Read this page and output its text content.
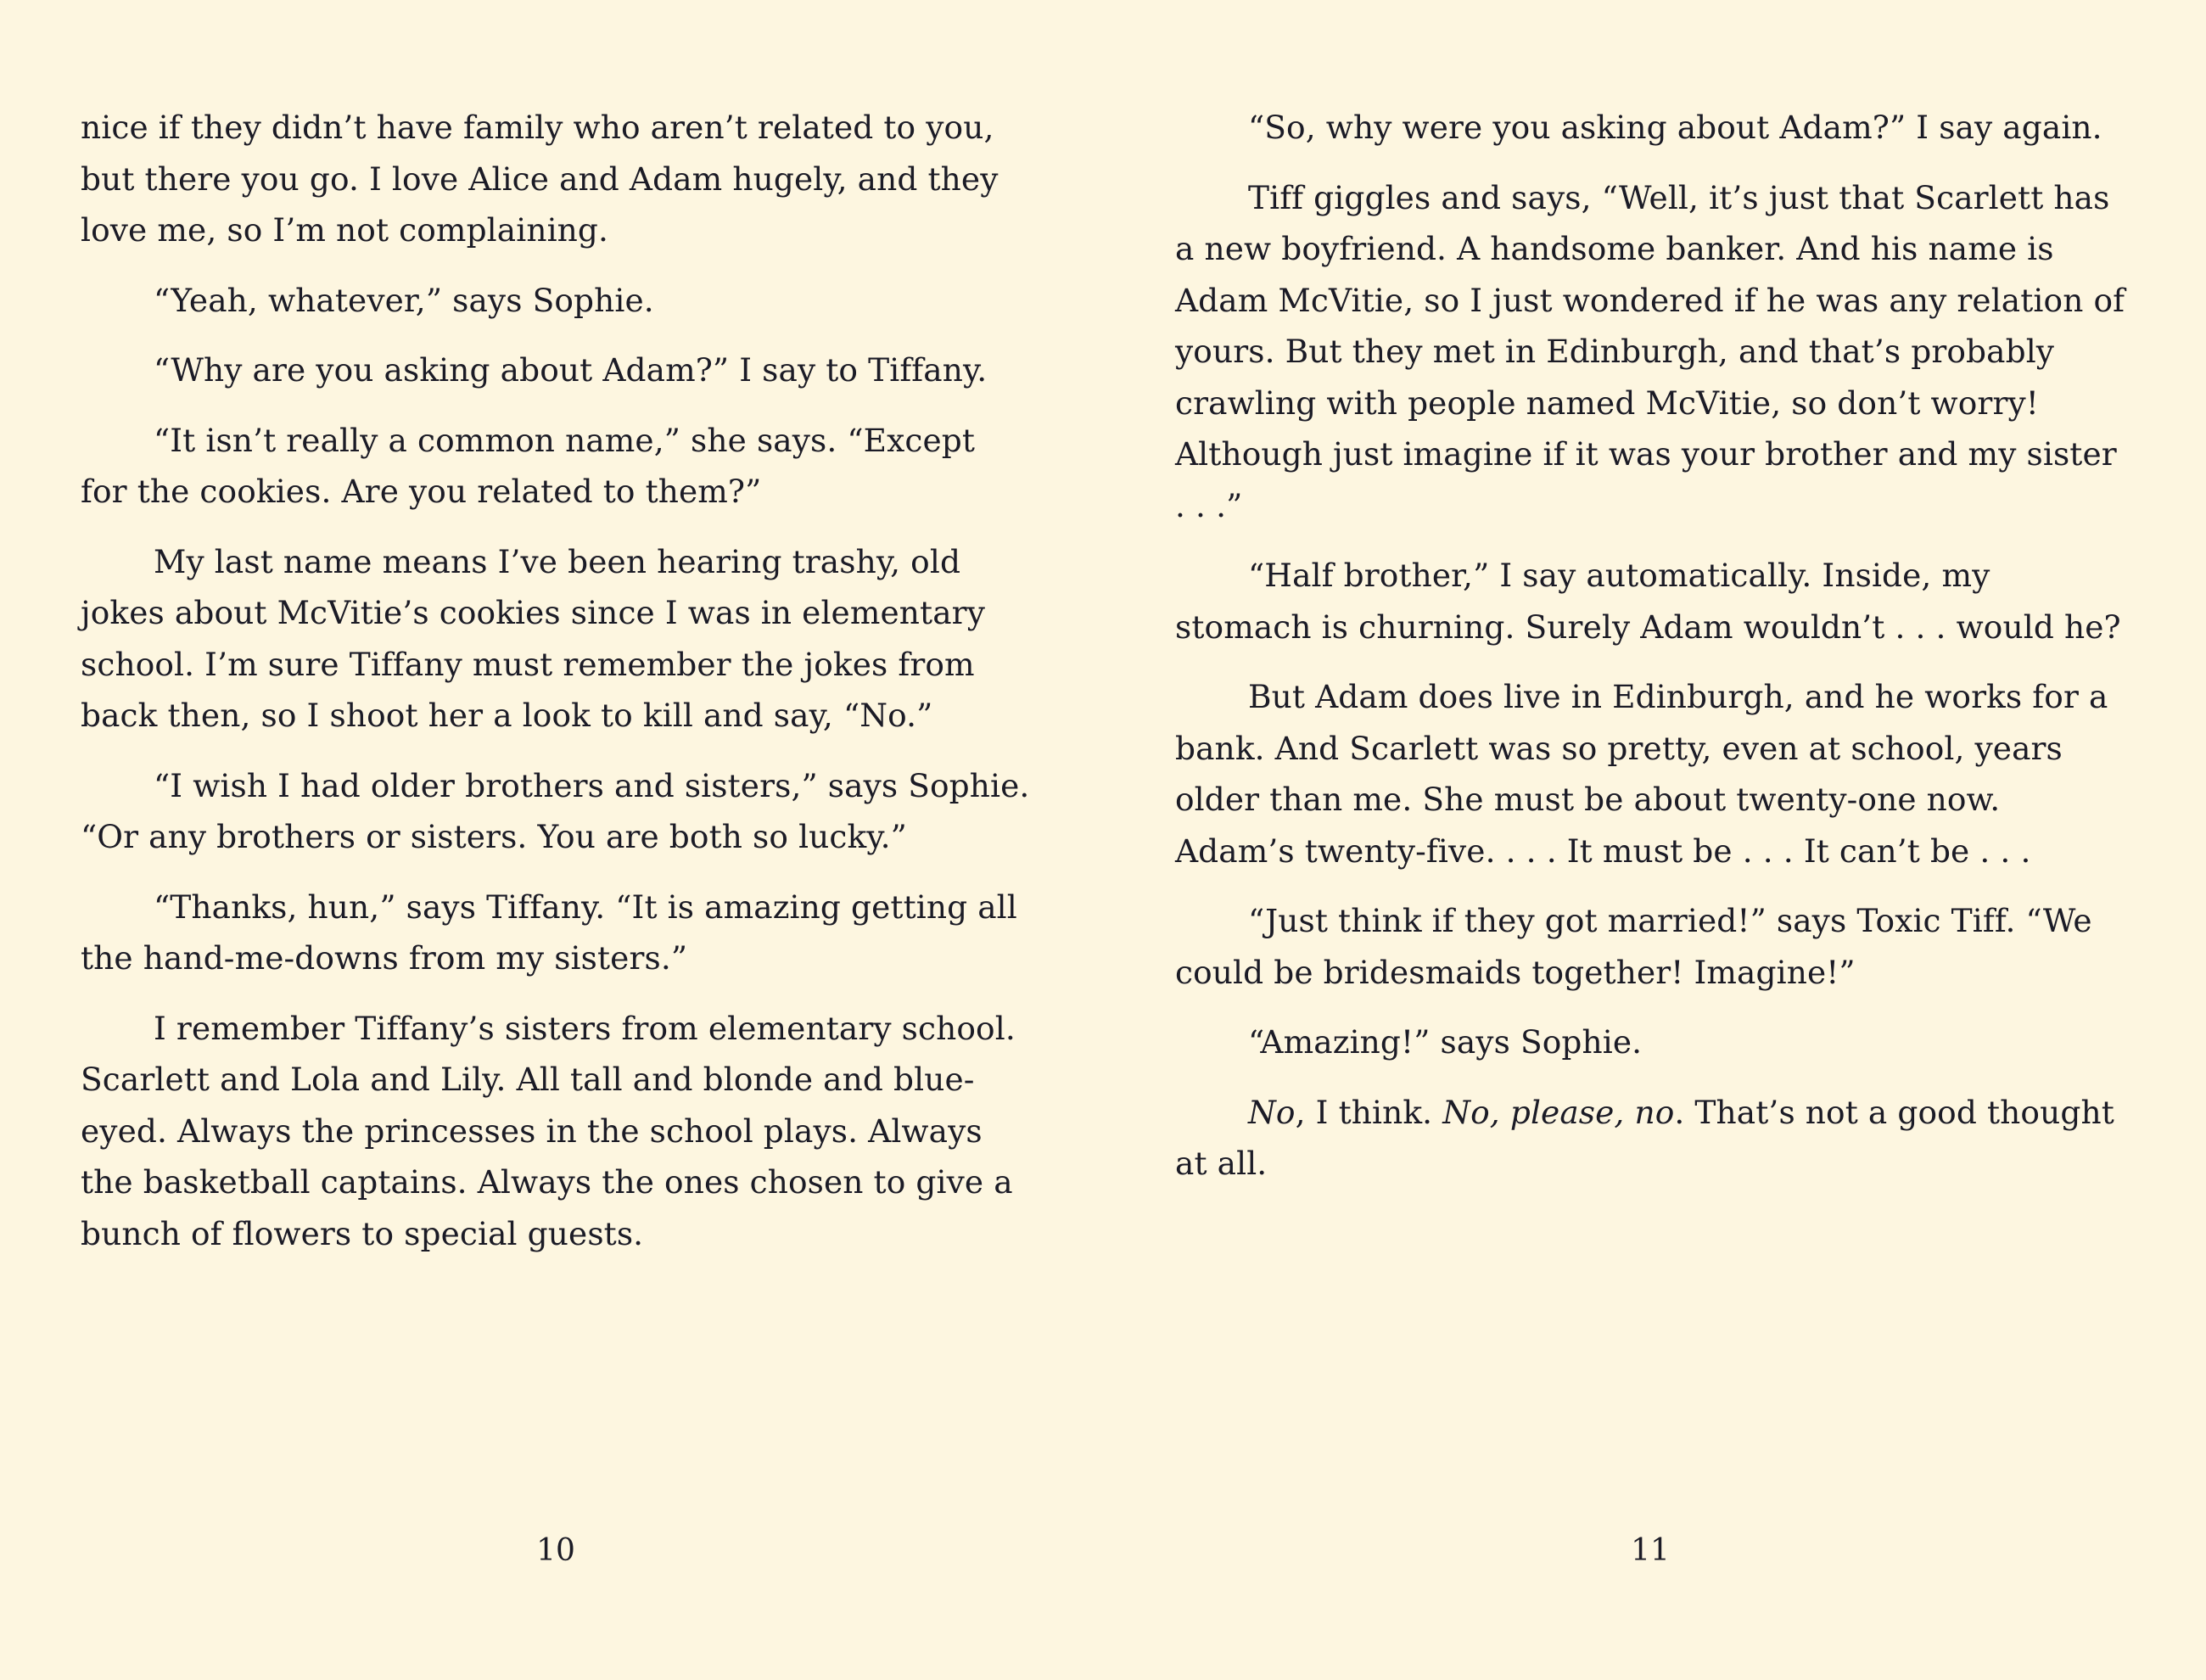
nice if they didn’t have family who aren’t related to you, but there you go. I love Alice and Adam hugely, and they love me, so I’m not complaining.

“Yeah, whatever,” says Sophie.

“Why are you asking about Adam?” I say to Tiffany.

“It isn’t really a common name,” she says. “Except for the cookies. Are you related to them?”

My last name means I’ve been hearing trashy, old jokes about McVitie’s cookies since I was in elementary school. I’m sure Tiffany must remember the jokes from back then, so I shoot her a look to kill and say, “No.”

“I wish I had older brothers and sisters,” says Sophie. “Or any brothers or sisters. You are both so lucky.”

“Thanks, hun,” says Tiffany. “It is amazing getting all the hand-me-downs from my sisters.”

I remember Tiffany’s sisters from elementary school. Scarlett and Lola and Lily. All tall and blonde and blue-eyed. Always the princesses in the school plays. Always the basketball captains. Always the ones chosen to give a bunch of flowers to special guests.

10

“So, why were you asking about Adam?” I say again.

Tiff giggles and says, “Well, it’s just that Scarlett has a new boyfriend. A handsome banker. And his name is Adam McVitie, so I just wondered if he was any relation of yours. But they met in Edinburgh, and that’s probably crawling with people named McVitie, so don’t worry! Although just imagine if it was your brother and my sister . . .”

“Half brother,” I say automatically. Inside, my stomach is churning. Surely Adam wouldn’t . . . would he?

But Adam does live in Edinburgh, and he works for a bank. And Scarlett was so pretty, even at school, years older than me. She must be about twenty-one now. Adam’s twenty-five. . . . It must be . . . It can’t be . . .

“Just think if they got married!” says Toxic Tiff. “We could be bridesmaids together! Imagine!”

“Amazing!” says Sophie.

No, I think. No, please, no. That’s not a good thought at all.

11
